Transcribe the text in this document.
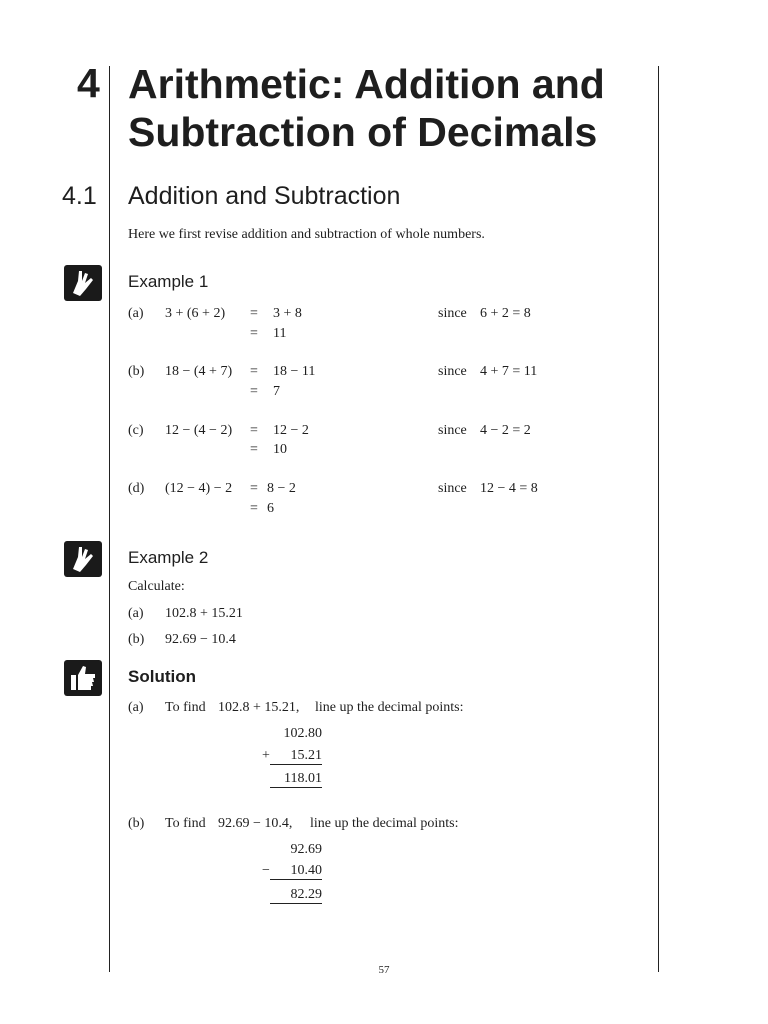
4 Arithmetic: Addition and Subtraction of Decimals
4.1 Addition and Subtraction
Here we first revise addition and subtraction of whole numbers.
Example 1
(a) 3 + (6 + 2) = 3 + 8
= 11
since 6 + 2 = 8
(b) 18 − (4 + 7) = 18 − 11
= 7
since 4 + 7 = 11
(c) 12 − (4 − 2) = 12 − 2
= 10
since 4 − 2 = 2
(d) (12 − 4) − 2 = 8 − 2
= 6
since 12 − 4 = 8
Example 2
Calculate:
(a) 102.8 + 15.21
(b) 92.69 − 10.4
Solution
(a) To find 102.8 + 15.21, line up the decimal points:
102.80
+	15.21
118.01
(b) To find 92.69 − 10.4, line up the decimal points:
92.69
−	10.40
82.29
57
